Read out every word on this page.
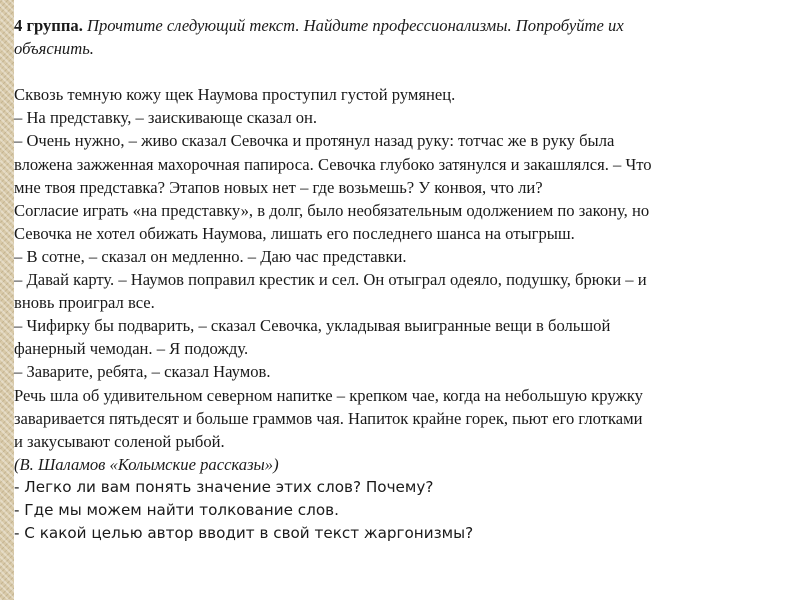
4 группа. Прочтите следующий текст. Найдите профессионализмы. Попробуйте их
объяснить.
Сквозь темную кожу щек Наумова проступил густой румянец.
– На представку, – заискивающе сказал он.
– Очень нужно, – живо сказал Севочка и протянул назад руку: тотчас же в руку была
вложена зажженная махорочная папироса. Севочка глубоко затянулся и закашлялся. – Что
мне твоя представка? Этапов новых нет – где возьмешь? У конвоя, что ли?
Согласие играть «на представку», в долг, было необязательным одолжением по закону, но
Севочка не хотел обижать Наумова, лишать его последнего шанса на отыгрыш.
– В сотне, – сказал он медленно. – Даю час представки.
– Давай карту. – Наумов поправил крестик и сел. Он отыграл одеяло, подушку, брюки – и
вновь проиграл все.
– Чифирку бы подварить, – сказал Севочка, укладывая выигранные вещи в большой
фанерный чемодан. – Я подожду.
– Заварите, ребята, – сказал Наумов.
Речь шла об удивительном северном напитке – крепком чае, когда на небольшую кружку
заваривается пятьдесят и больше граммов чая. Напиток крайне горек, пьют его глотками
и закусывают соленой рыбой.
(В. Шаламов «Колымские рассказы»)
- Легко ли вам понять значение этих слов? Почему?
- Где мы можем найти толкование слов.
- С какой целью автор вводит в свой текст жаргонизмы?
